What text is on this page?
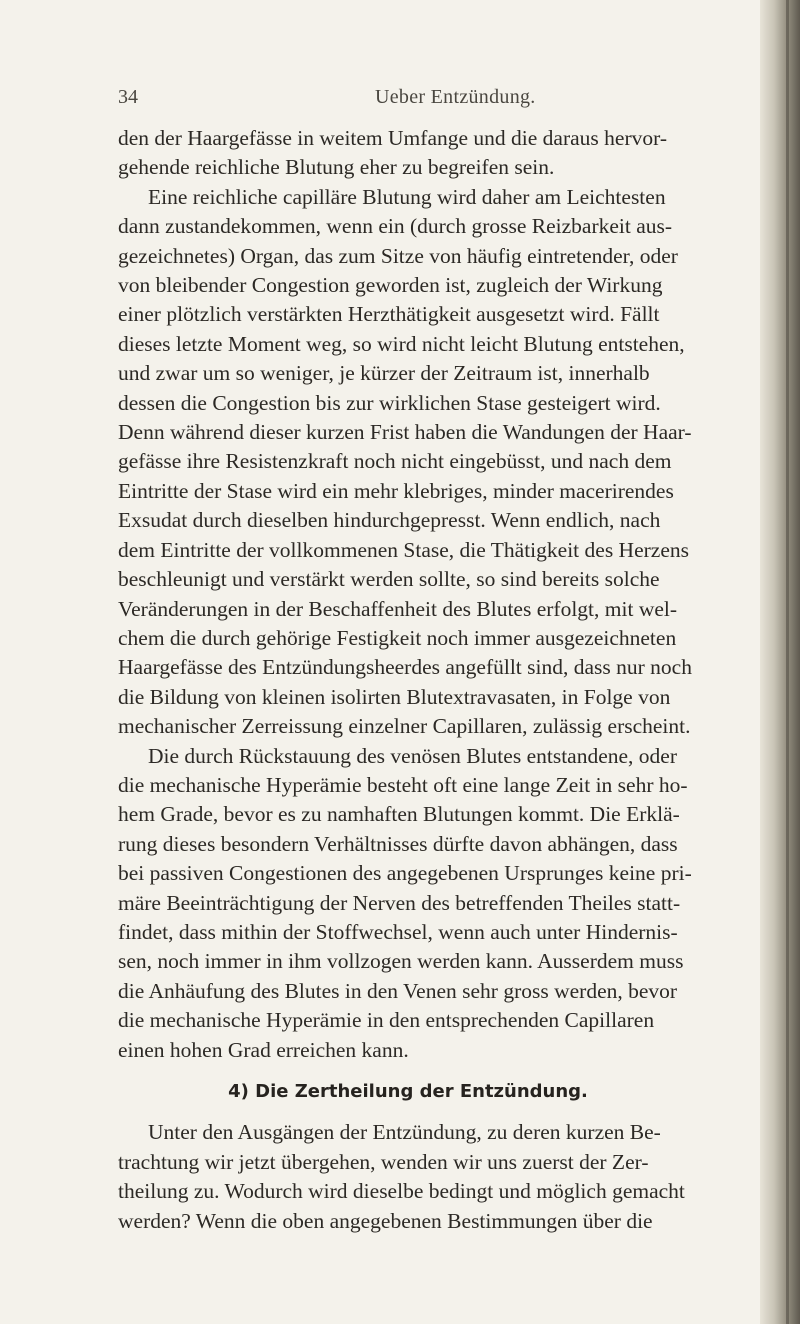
34	Ueber Entzündung.
den der Haargefässe in weitem Umfange und die daraus hervor-
gehende reichliche Blutung eher zu begreifen sein.
Eine reichliche capilläre Blutung wird daher am Leichtesten
dann zustandekommen, wenn ein (durch grosse Reizbarkeit aus-
gezeichnetes) Organ, das zum Sitze von häufig eintretender, oder
von bleibender Congestion geworden ist, zugleich der Wirkung
einer plötzlich verstärkten Herzthätigkeit ausgesetzt wird. Fällt
dieses letzte Moment weg, so wird nicht leicht Blutung entstehen,
und zwar um so weniger, je kürzer der Zeitraum ist, innerhalb
dessen die Congestion bis zur wirklichen Stase gesteigert wird.
Denn während dieser kurzen Frist haben die Wandungen der Haar-
gefässe ihre Resistenzkraft noch nicht eingebüsst, und nach dem
Eintritte der Stase wird ein mehr klebriges, minder macerirendes
Exsudat durch dieselben hindurchgepresst. Wenn endlich, nach
dem Eintritte der vollkommenen Stase, die Thätigkeit des Herzens
beschleunigt und verstärkt werden sollte, so sind bereits solche
Veränderungen in der Beschaffenheit des Blutes erfolgt, mit wel-
chem die durch gehörige Festigkeit noch immer ausgezeichneten
Haargefässe des Entzündungsheerdes angefüllt sind, dass nur noch
die Bildung von kleinen isolirten Blutextravasaten, in Folge von
mechanischer Zerreissung einzelner Capillaren, zulässig erscheint.
Die durch Rückstauung des venösen Blutes entstandene, oder
die mechanische Hyperämie besteht oft eine lange Zeit in sehr ho-
hem Grade, bevor es zu namhaften Blutungen kommt. Die Erklä-
rung dieses besondern Verhältnisses dürfte davon abhängen, dass
bei passiven Congestionen des angegebenen Ursprunges keine pri-
märe Beeinträchtigung der Nerven des betreffenden Theiles statt-
findet, dass mithin der Stoffwechsel, wenn auch unter Hindernis-
sen, noch immer in ihm vollzogen werden kann. Ausserdem muss
die Anhäufung des Blutes in den Venen sehr gross werden, bevor
die mechanische Hyperämie in den entsprechenden Capillaren
einen hohen Grad erreichen kann.
4) Die Zertheilung der Entzündung.
Unter den Ausgängen der Entzündung, zu deren kurzen Be-
trachtung wir jetzt übergehen, wenden wir uns zuerst der Zer-
theilung zu. Wodurch wird dieselbe bedingt und möglich gemacht
werden? Wenn die oben angegebenen Bestimmungen über die
